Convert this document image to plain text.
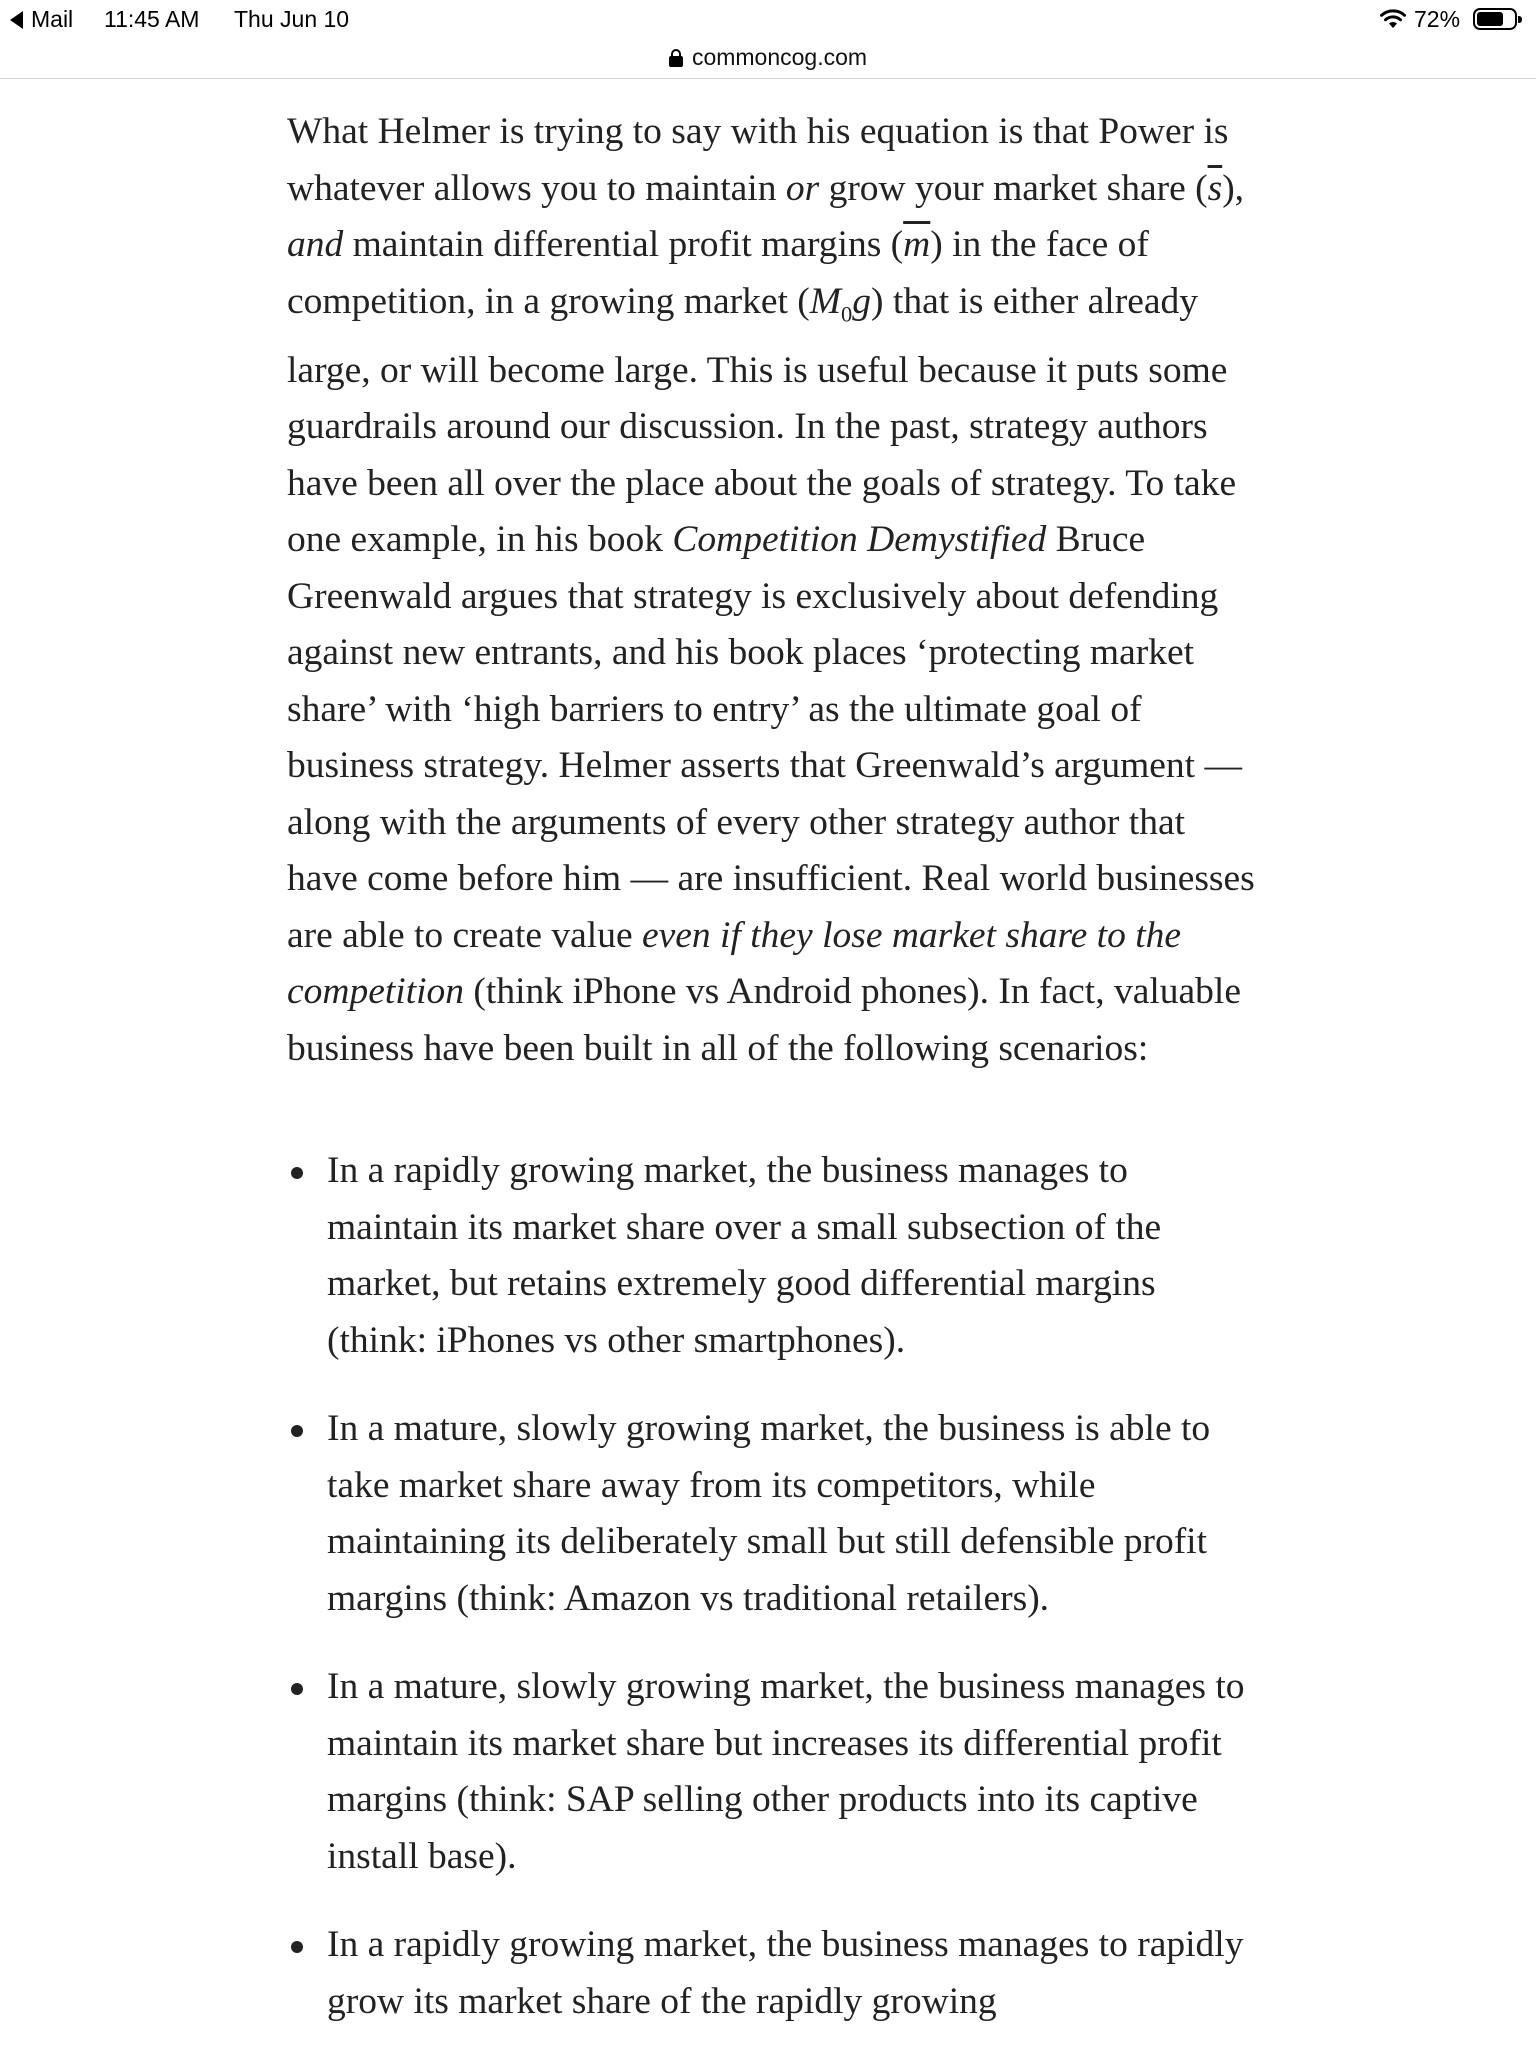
Mail 11:45 AM Thu Jun 10	72%
commoncog.com

What Helmer is trying to say with his equation is that Power is whatever allows you to maintain or grow your market share $(\overline{s})$, and maintain differential profit margins $(\overline{m})$ in the face of competition, in a growing market $(M_0g)$ that is either already large, or will become large. This is useful because it puts some guardrails around our discussion. In the past, strategy authors have been all over the place about the goals of strategy. To take one example, in his book Competition Demystified Bruce Greenwald argues that strategy is exclusively about defending against new entrants, and his book places ‘protecting market share’ with ‘high barriers to entry’ as the ultimate goal of business strategy. Helmer asserts that Greenwald’s argument — along with the arguments of every other strategy author that have come before him — are insufficient. Real world businesses are able to create value even if they lose market share to the competition (think iPhone vs Android phones). In fact, valuable business have been built in all of the following scenarios:

In a rapidly growing market, the business manages to maintain its market share over a small subsection of the market, but retains extremely good differential margins (think: iPhones vs other smartphones).
In a mature, slowly growing market, the business is able to take market share away from its competitors, while maintaining its deliberately small but still defensible profit margins (think: Amazon vs traditional retailers).
In a mature, slowly growing market, the business manages to maintain its market share but increases its differential profit margins (think: SAP selling other products into its captive install base).
In a rapidly growing market, the business manages to rapidly grow its market share of the rapidly growing
